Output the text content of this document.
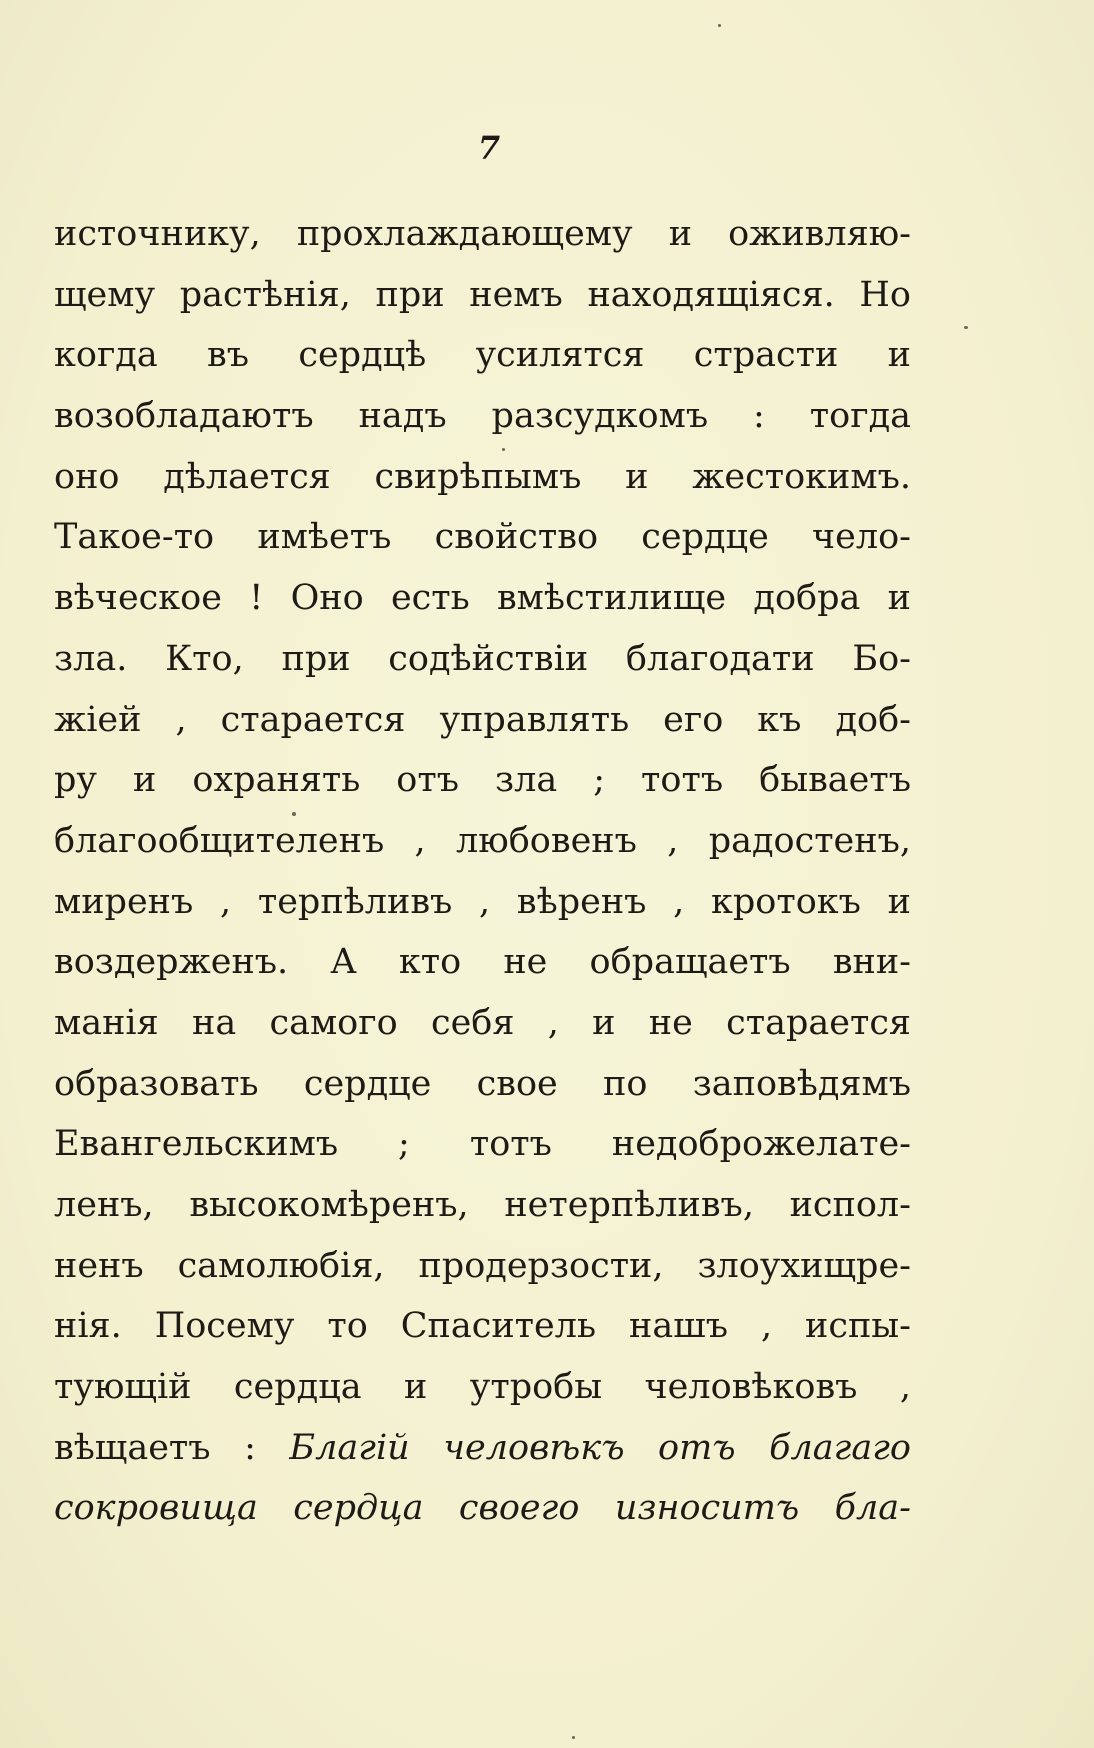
7
источнику, прохлаждающему и оживляю-
щему растѣнія, при немъ находящіяся. Но
когда въ сердцѣ усилятся страсти и
возобладаютъ надъ разсудкомъ : тогда
оно дѣлается свирѣпымъ и жестокимъ.
Такое-то имѣетъ свойство сердце чело-
вѣческое ! Оно есть вмѣстилище добра и
зла. Кто, при содѣйствіи благодати Бо-
жіей , старается управлять его къ доб-
ру и охранять отъ зла ; тотъ бываетъ
благообщителенъ , любовенъ , радостенъ,
миренъ , терпѣливъ , вѣренъ , кротокъ и
воздерженъ. А кто не обращаетъ вни-
манія на самого себя , и не старается
образовать сердце свое по заповѣдямъ
Евангельскимъ ; тотъ недоброжелате-
ленъ, высокомѣренъ, нетерпѣливъ, испол-
ненъ самолюбія, продерзости, злоухищре-
нія. Посему то Спаситель нашъ , испы-
тующій сердца и утробы человѣковъ ,
вѣщаетъ : Благій человѣкъ отъ благаго
сокровища сердца своего износитъ бла-
